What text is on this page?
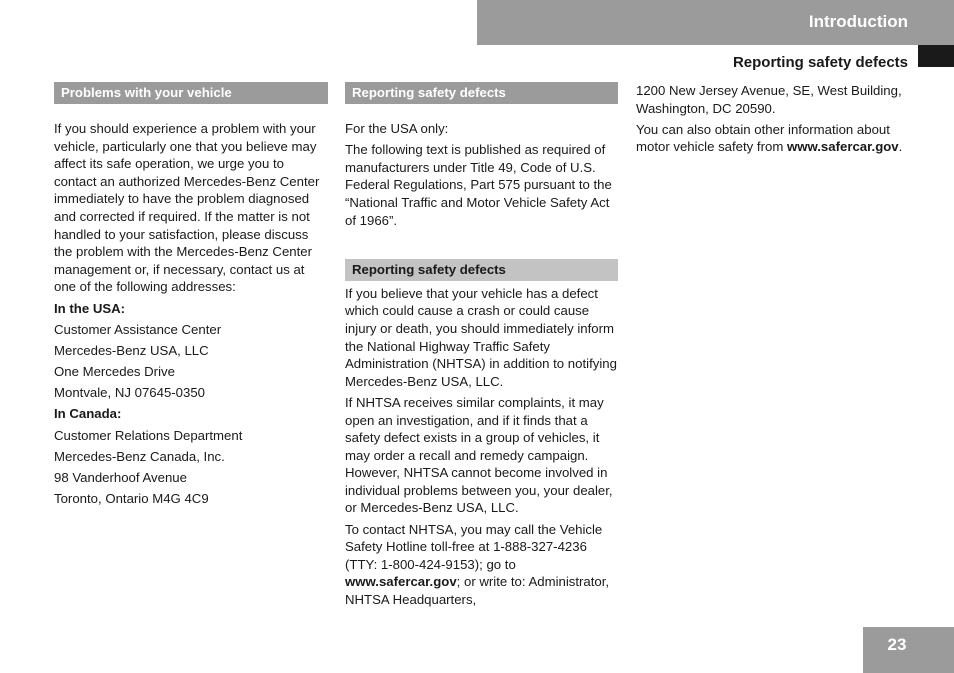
Introduction
Reporting safety defects
Problems with your vehicle

If you should experience a problem with your vehicle, particularly one that you believe may affect its safe operation, we urge you to contact an authorized Mercedes-Benz Center immediately to have the problem diagnosed and corrected if required. If the matter is not handled to your satisfaction, please discuss the problem with the Mercedes-Benz Center management or, if necessary, contact us at one of the following addresses:

In the USA:

Customer Assistance Center

Mercedes-Benz USA, LLC

One Mercedes Drive

Montvale, NJ 07645-0350

In Canada:

Customer Relations Department

Mercedes-Benz Canada, Inc.

98 Vanderhoof Avenue

Toronto, Ontario M4G 4C9

Reporting safety defects

For the USA only:

The following text is published as required of manufacturers under Title 49, Code of U.S. Federal Regulations, Part 575 pursuant to the “National Traffic and Motor Vehicle Safety Act of 1966”.

Reporting safety defects

If you believe that your vehicle has a defect which could cause a crash or could cause injury or death, you should immediately inform the National Highway Traffic Safety Administration (NHTSA) in addition to notifying Mercedes-Benz USA, LLC.

If NHTSA receives similar complaints, it may open an investigation, and if it finds that a safety defect exists in a group of vehicles, it may order a recall and remedy campaign. However, NHTSA cannot become involved in individual problems between you, your dealer, or Mercedes-Benz USA, LLC.

To contact NHTSA, you may call the Vehicle Safety Hotline toll-free at 1-888-327-4236 (TTY: 1-800-424-9153); go to www.safercar.gov; or write to: Administrator, NHTSA Headquarters,

1200 New Jersey Avenue, SE, West Building, Washington, DC 20590.

You can also obtain other information about motor vehicle safety from www.safercar.gov.

23
